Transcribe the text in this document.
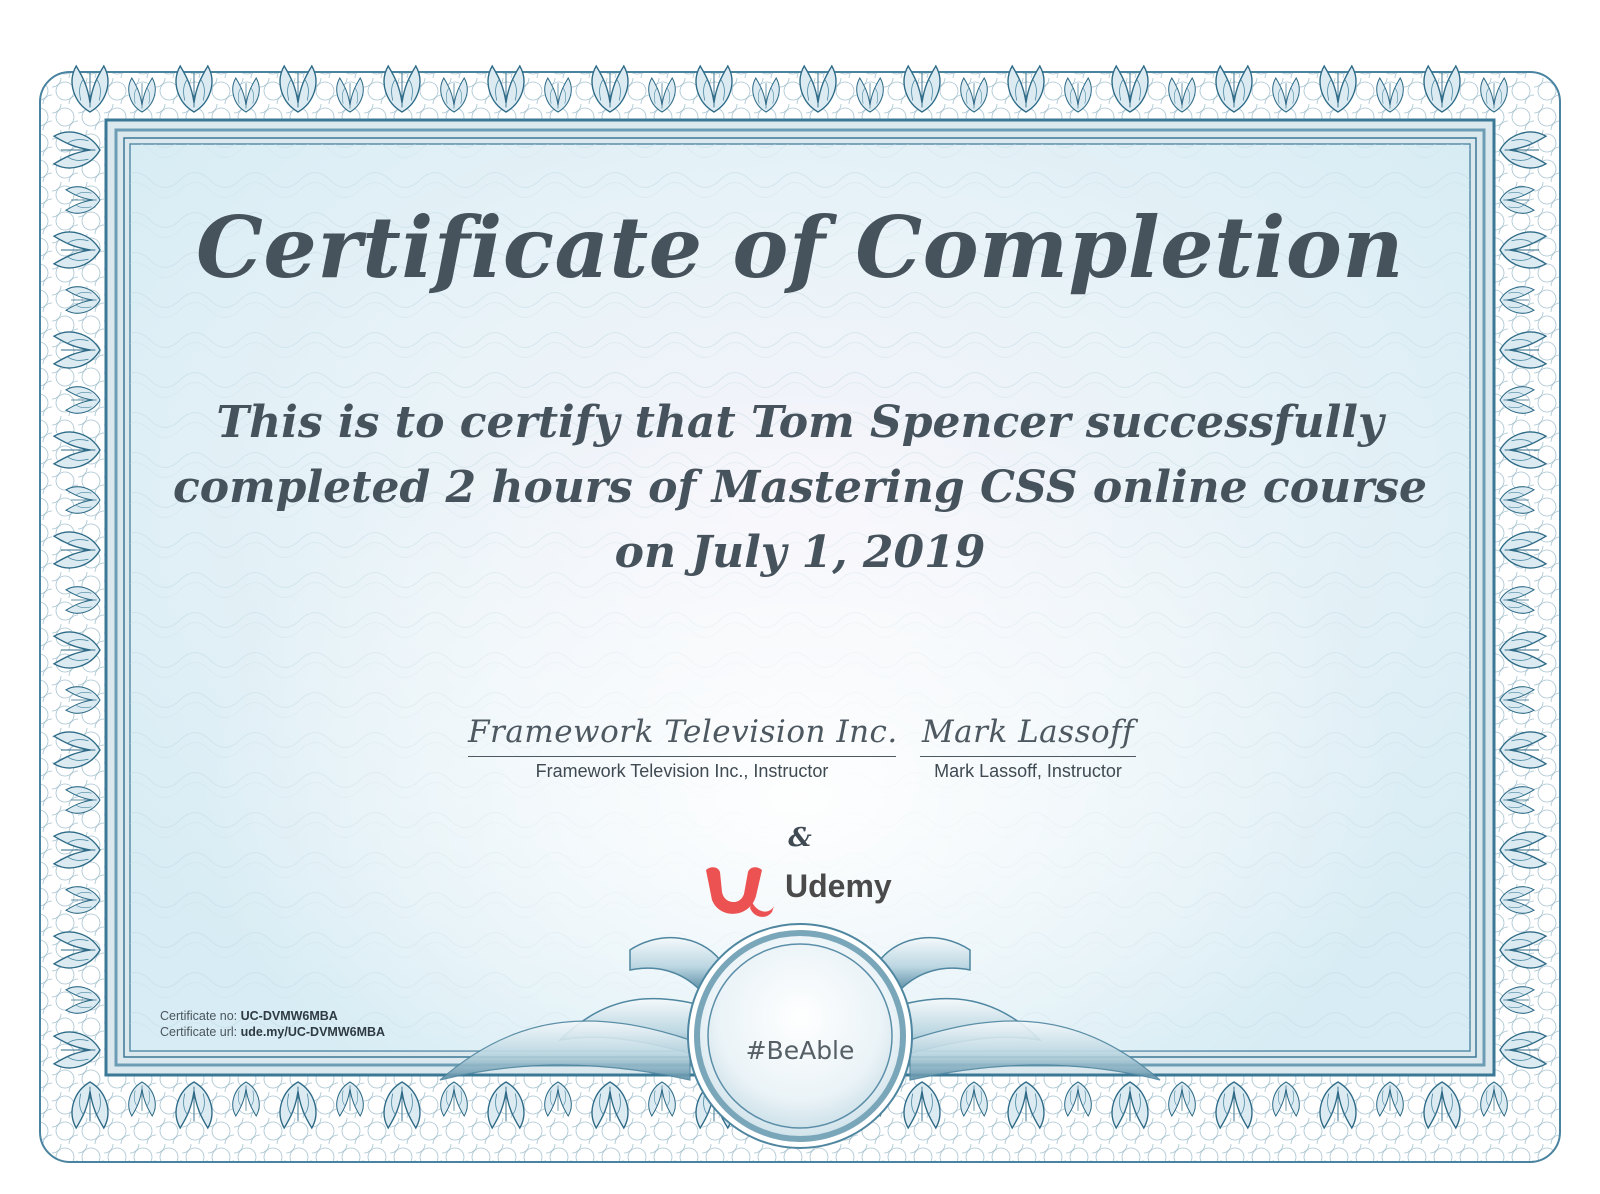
Certificate of Completion
This is to certify that Tom Spencer successfully
completed 2 hours of Mastering CSS online course
on July 1, 2019
Framework Television Inc.
Framework Television Inc., Instructor
Mark Lassoff
Mark Lassoff, Instructor
&
Udemy
Certificate no: UC-DVMW6MBA
Certificate url: ude.my/UC-DVMW6MBA
#BeAble
